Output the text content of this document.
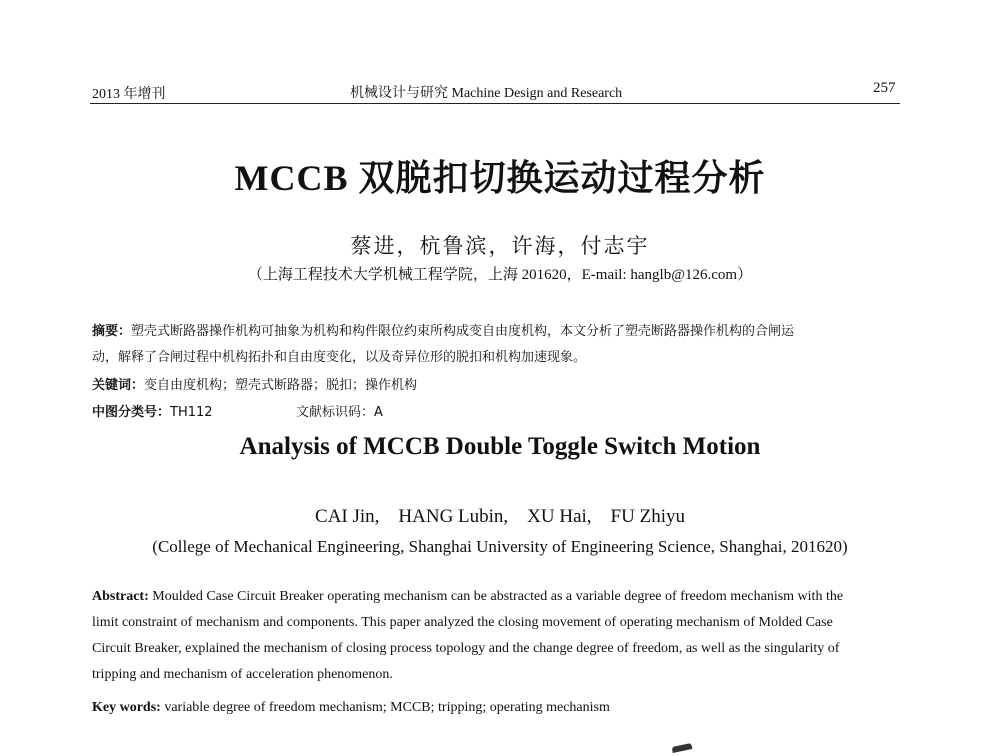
2013 年增刊	机械设计与研究 Machine Design and Research	257
MCCB 双脱扣切换运动过程分析
蔡进，杭鲁滨，许海，付志宇
（上海工程技术大学机械工程学院，上海 201620，E-mail: hanglb@126.com）
摘要：塑壳式断路器操作机构可抽象为机构和构件限位约束所构成变自由度机构，本文分析了塑壳断路器操作机构的合闸运
动，解释了合闸过程中机构拓扑和自由度变化，以及奇异位形的脱扣和机构加速现象。
关键词：变自由度机构；塑壳式断路器；脱扣；操作机构
中图分类号：TH112	文献标识码：A
Analysis of MCCB Double Toggle Switch Motion
CAI Jin,    HANG Lubin,    XU Hai,    FU Zhiyu
(College of Mechanical Engineering, Shanghai University of Engineering Science, Shanghai, 201620)
Abstract: Moulded Case Circuit Breaker operating mechanism can be abstracted as a variable degree of freedom mechanism with the
limit constraint of mechanism and components. This paper analyzed the closing movement of operating mechanism of Molded Case
Circuit Breaker, explained the mechanism of closing process topology and the change degree of freedom, as well as the singularity of
tripping and mechanism of acceleration phenomenon.
Key words: variable degree of freedom mechanism; MCCB; tripping; operating mechanism
